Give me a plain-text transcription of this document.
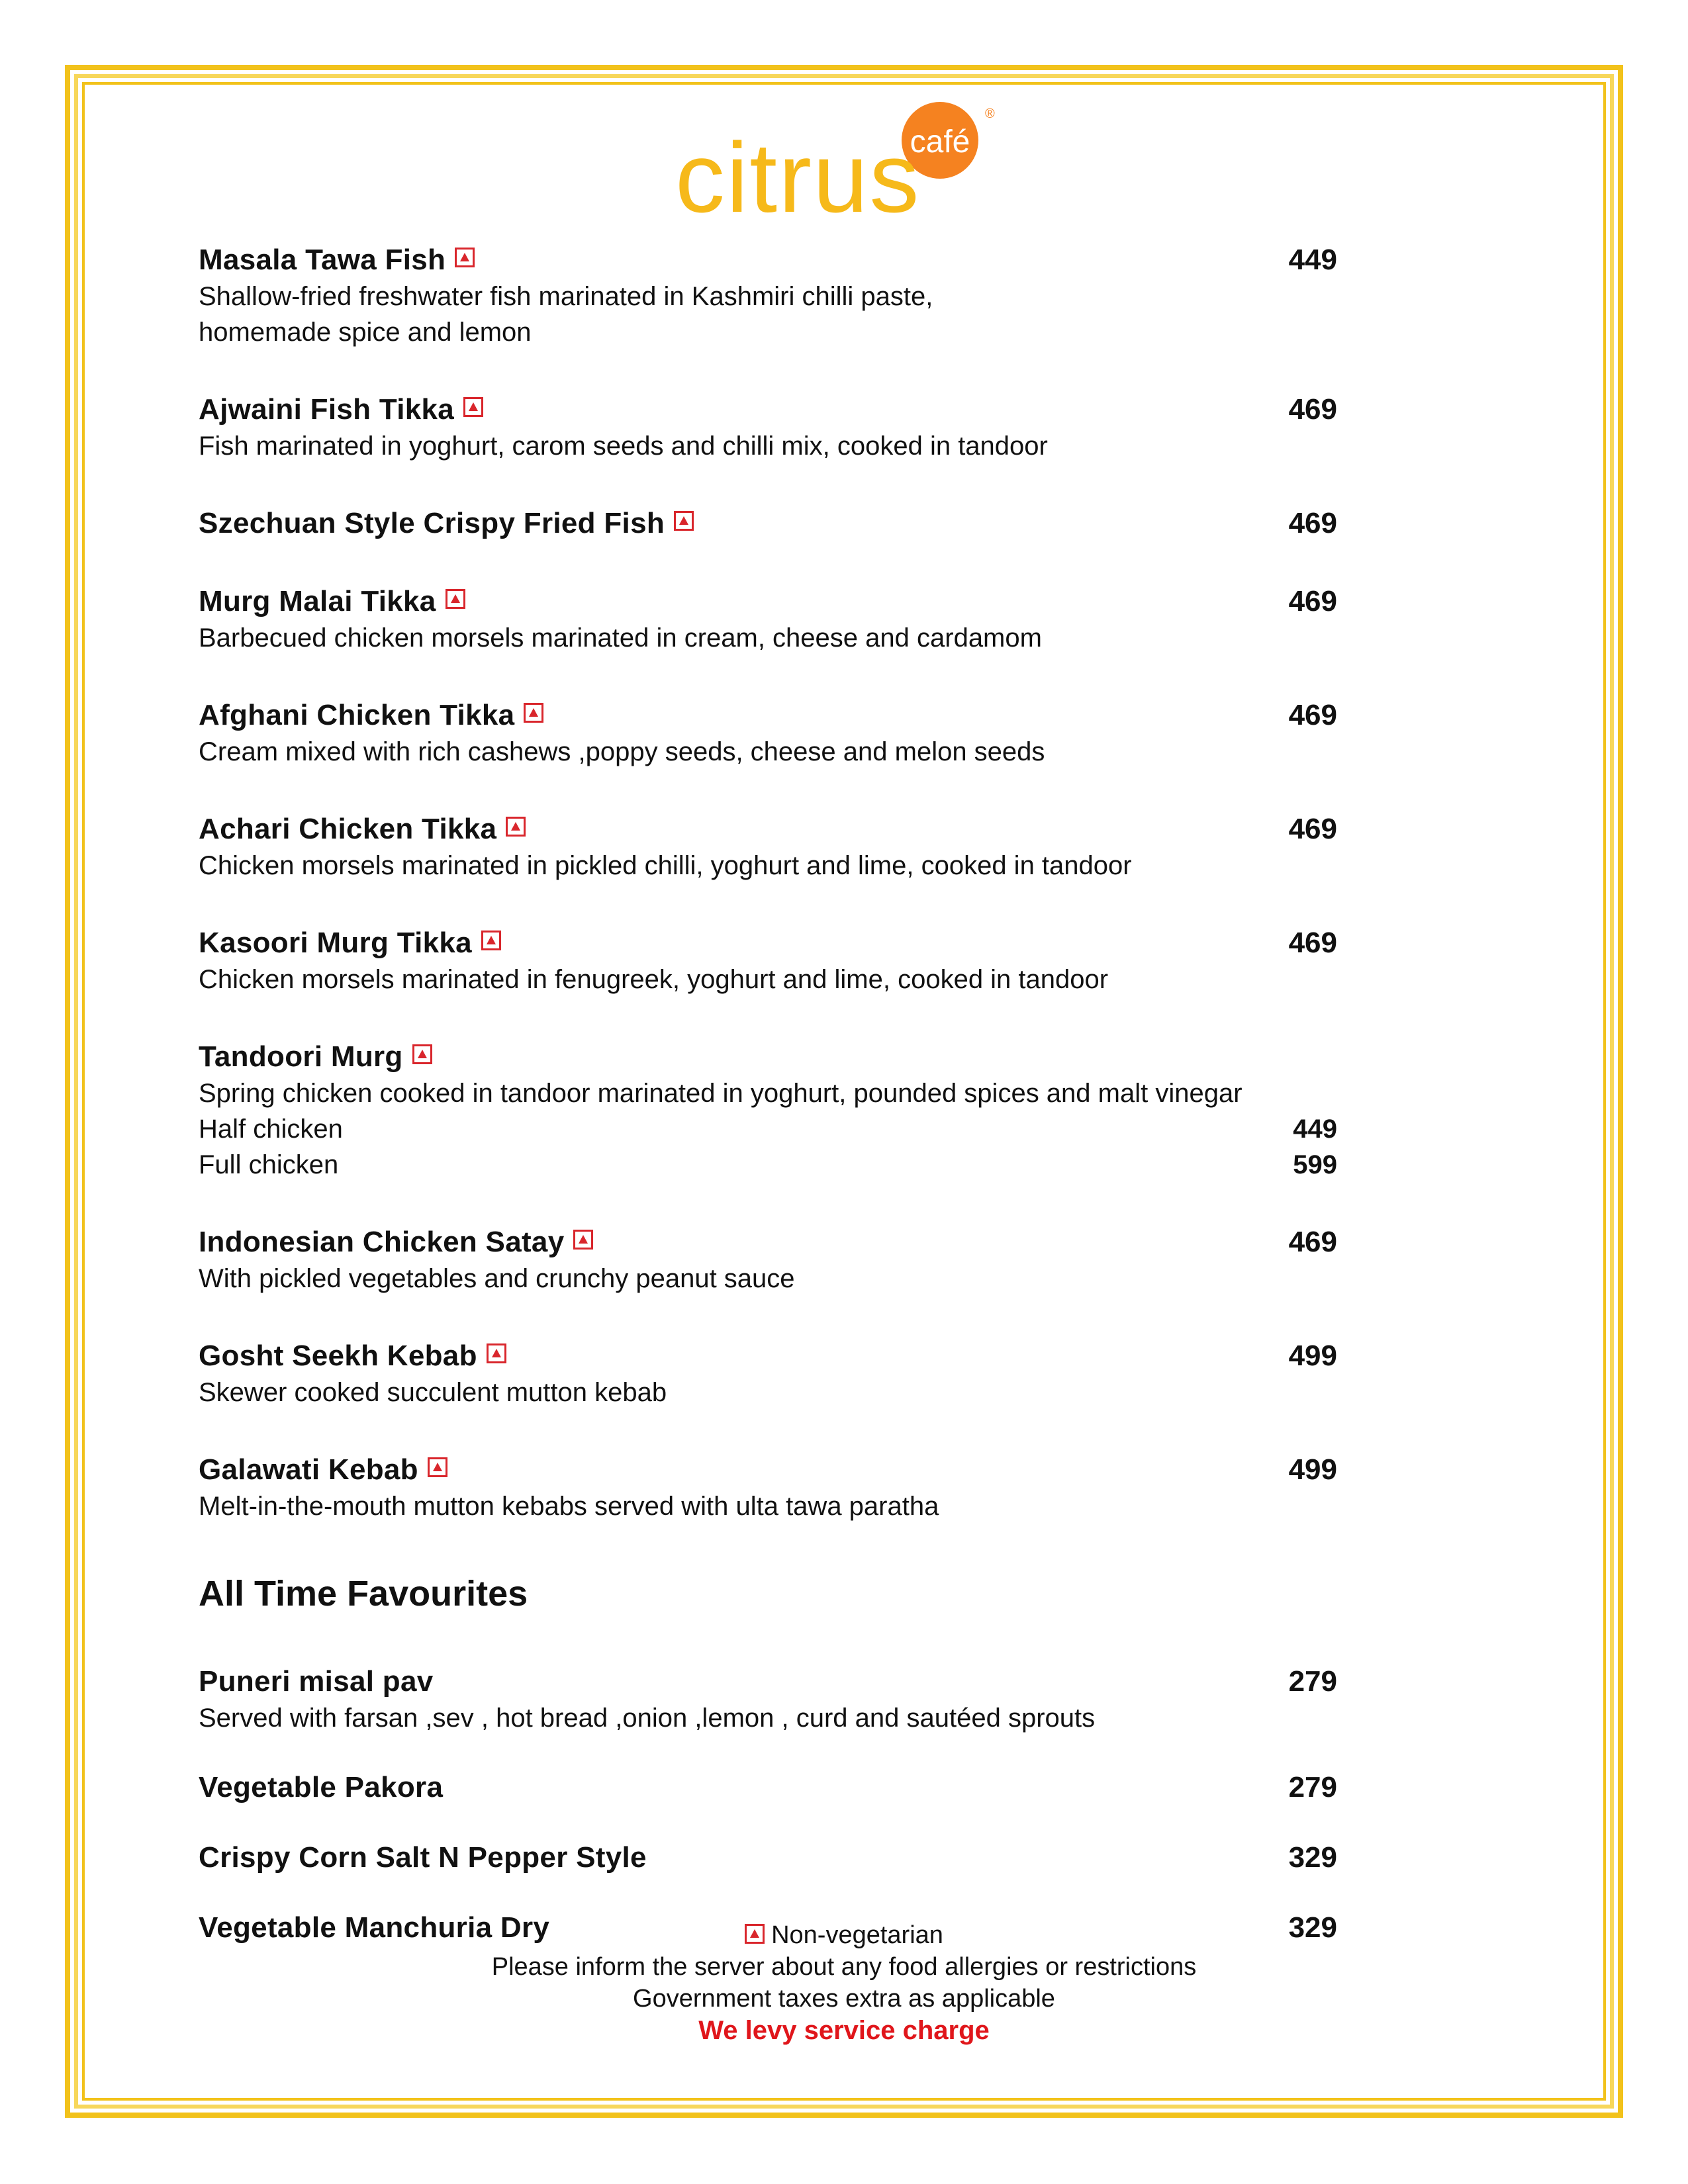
café
®
citrus
Masala Tawa Fish	449
Shallow-fried freshwater fish marinated in Kashmiri chilli paste,
homemade spice and lemon
Ajwaini Fish Tikka	469
Fish marinated in yoghurt, carom seeds and chilli mix, cooked in tandoor
Szechuan Style Crispy Fried Fish	469
Murg Malai Tikka	469
Barbecued chicken morsels marinated in cream, cheese and cardamom
Afghani Chicken Tikka	469
Cream mixed with rich cashews ,poppy seeds, cheese and melon seeds
Achari Chicken Tikka	469
Chicken morsels marinated in pickled chilli, yoghurt and lime, cooked in tandoor
Kasoori Murg Tikka	469
Chicken morsels marinated in fenugreek, yoghurt and lime, cooked in tandoor
Tandoori Murg
Spring chicken cooked in tandoor marinated in yoghurt, pounded spices and malt vinegar
Half chicken	449
Full chicken	599
Indonesian Chicken Satay	469
With pickled vegetables and crunchy peanut sauce
Gosht Seekh Kebab	499
Skewer cooked succulent mutton kebab
Galawati Kebab	499
Melt-in-the-mouth mutton kebabs served with ulta tawa paratha
All Time Favourites
Puneri misal pav	279
Served with farsan ,sev , hot bread ,onion ,lemon , curd and sautéed sprouts
Vegetable Pakora	279
Crispy Corn Salt N Pepper Style	329
Vegetable Manchuria Dry	329
Non-vegetarian
Please inform the server about any food allergies or restrictions
Government taxes extra as applicable
We levy service charge
